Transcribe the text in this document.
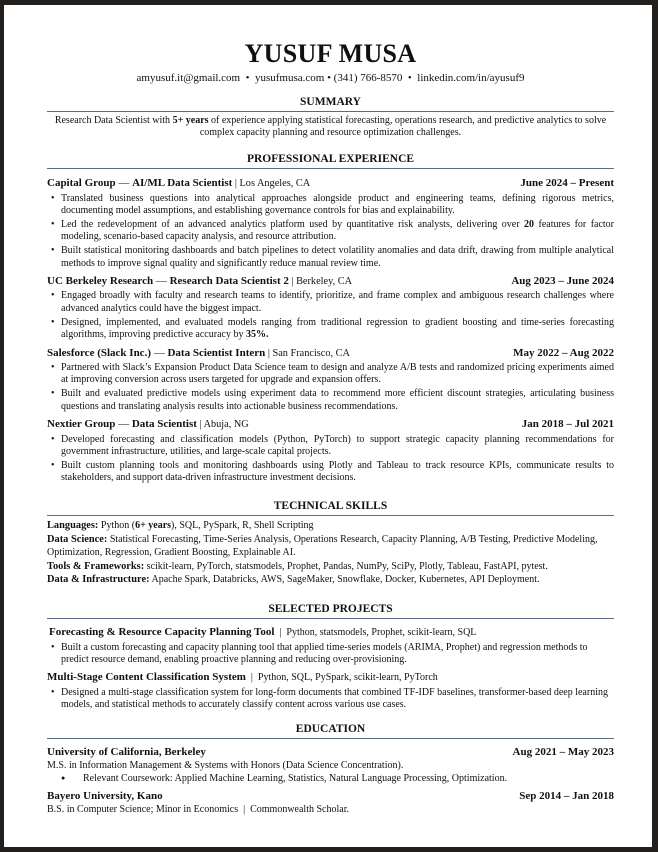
YUSUF MUSA
amyusuf.it@gmail.com  •  yusufmusa.com • (341) 766-8570  •  linkedin.com/in/ayusuf9
SUMMARY
Research Data Scientist with 5+ years of experience applying statistical forecasting, operations research, and predictive analytics to solve complex capacity planning and resource optimization challenges.
PROFESSIONAL EXPERIENCE
Capital Group — AI/ML Data Scientist | Los Angeles, CA	June 2024 – Present
• Translated business questions into analytical approaches alongside product and engineering teams, defining rigorous metrics, documenting model assumptions, and establishing governance controls for bias and explainability.
• Led the redevelopment of an advanced analytics platform used by quantitative risk analysts, delivering over 20 features for factor modeling, scenario-based capacity analysis, and resource attribution.
• Built statistical monitoring dashboards and batch pipelines to detect volatility anomalies and data drift, drawing from multiple analytical methods to improve signal quality and significantly reduce manual review time.
UC Berkeley Research — Research Data Scientist 2 | Berkeley, CA	Aug 2023 – June 2024
• Engaged broadly with faculty and research teams to identify, prioritize, and frame complex and ambiguous research challenges where advanced analytics could have the biggest impact.
• Designed, implemented, and evaluated models ranging from traditional regression to gradient boosting and time-series forecasting algorithms, improving predictive accuracy by 35%.
Salesforce (Slack Inc.) — Data Scientist Intern | San Francisco, CA	May 2022 – Aug 2022
• Partnered with Slack’s Expansion Product Data Science team to design and analyze A/B tests and randomized pricing experiments aimed at improving conversion across users targeted for upgrade and expansion offers.
• Built and evaluated predictive models using experiment data to recommend more efficient discount strategies, articulating business questions and translating analysis results into actionable business recommendations.
Nextier Group — Data Scientist | Abuja, NG	Jan 2018 – Jul 2021
• Developed forecasting and classification models (Python, PyTorch) to support strategic capacity planning recommendations for government infrastructure, utilities, and large-scale capital projects.
• Built custom planning tools and monitoring dashboards using Plotly and Tableau to track resource KPIs, communicate results to stakeholders, and support data-driven infrastructure investment decisions.
TECHNICAL SKILLS
Languages: Python (6+ years), SQL, PySpark, R, Shell Scripting
Data Science: Statistical Forecasting, Time-Series Analysis, Operations Research, Capacity Planning, A/B Testing, Predictive Modeling, Optimization, Regression, Gradient Boosting, Explainable AI.
Tools & Frameworks: scikit-learn, PyTorch, statsmodels, Prophet, Pandas, NumPy, SciPy, Plotly, Tableau, FastAPI, pytest.
Data & Infrastructure: Apache Spark, Databricks, AWS, SageMaker, Snowflake, Docker, Kubernetes, API Deployment.
SELECTED PROJECTS
Forecasting & Resource Capacity Planning Tool  |  Python, statsmodels, Prophet, scikit-learn, SQL
• Built a custom forecasting and capacity planning tool that applied time-series models (ARIMA, Prophet) and regression methods to predict resource demand, enabling proactive planning and reducing over-provisioning.
Multi-Stage Content Classification System  |  Python, SQL, PySpark, scikit-learn, PyTorch
• Designed a multi-stage classification system for long-form documents that combined TF-IDF baselines, transformer-based deep learning models, and statistical methods to accurately classify content across various use cases.
EDUCATION
University of California, Berkeley	Aug 2021 – May 2023
M.S. in Information Management & Systems with Honors (Data Science Concentration).
● Relevant Coursework: Applied Machine Learning, Statistics, Natural Language Processing, Optimization.
Bayero University, Kano	Sep 2014 – Jan 2018
B.S. in Computer Science; Minor in Economics  |  Commonwealth Scholar.
